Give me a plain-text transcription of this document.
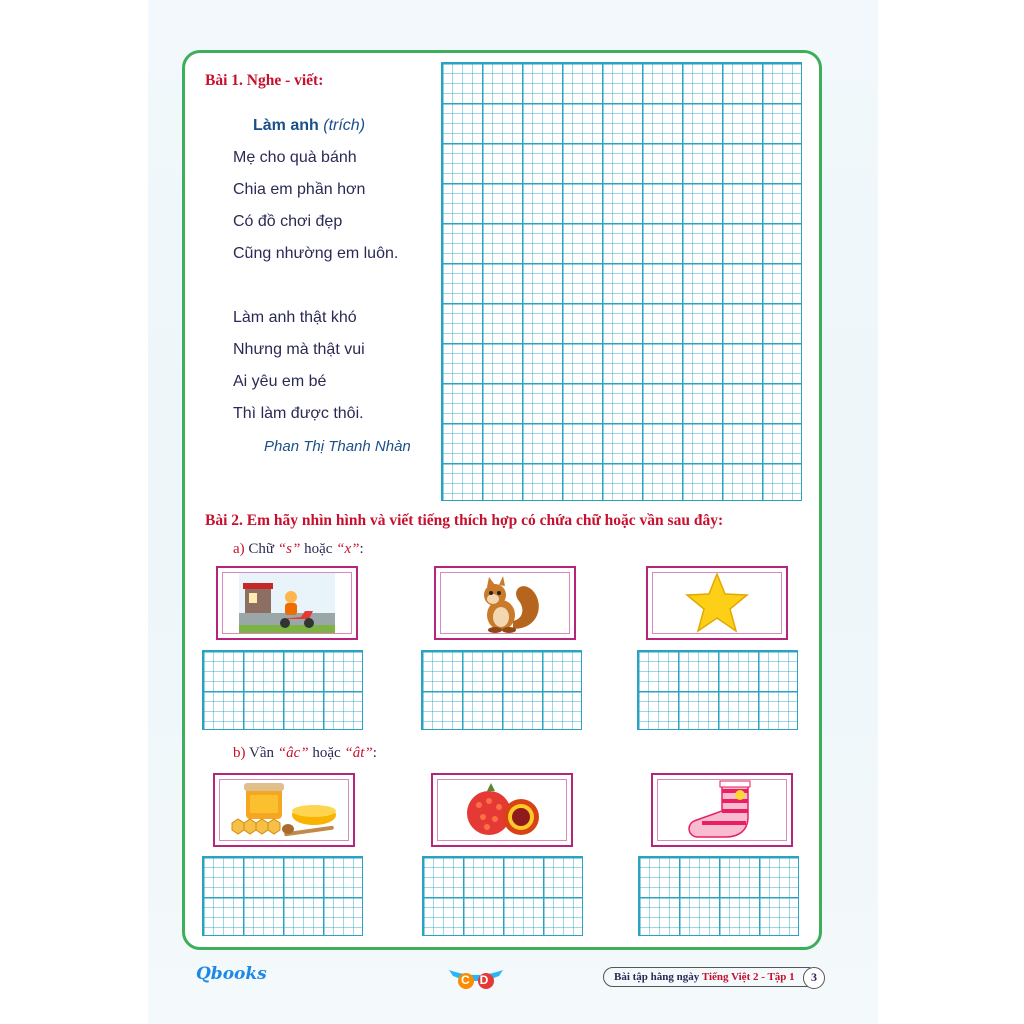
Bài 1. Nghe - viết:
Làm anh (trích)
Mẹ cho quà bánh
Chia em phần hơn
Có đồ chơi đẹp
Cũng nhường em luôn.
Làm anh thật khó
Nhưng mà thật vui
Ai yêu em bé
Thì làm được thôi.
Phan Thị Thanh Nhàn
Bài 2. Em hãy nhìn hình và viết tiếng thích hợp có chứa chữ hoặc vần sau đây:
a) Chữ “s” hoặc “x”:
b) Vần “âc” hoặc “ât”:
Qbooks	CD	Bài tập hằng ngày Tiếng Việt 2 - Tập 1	3
